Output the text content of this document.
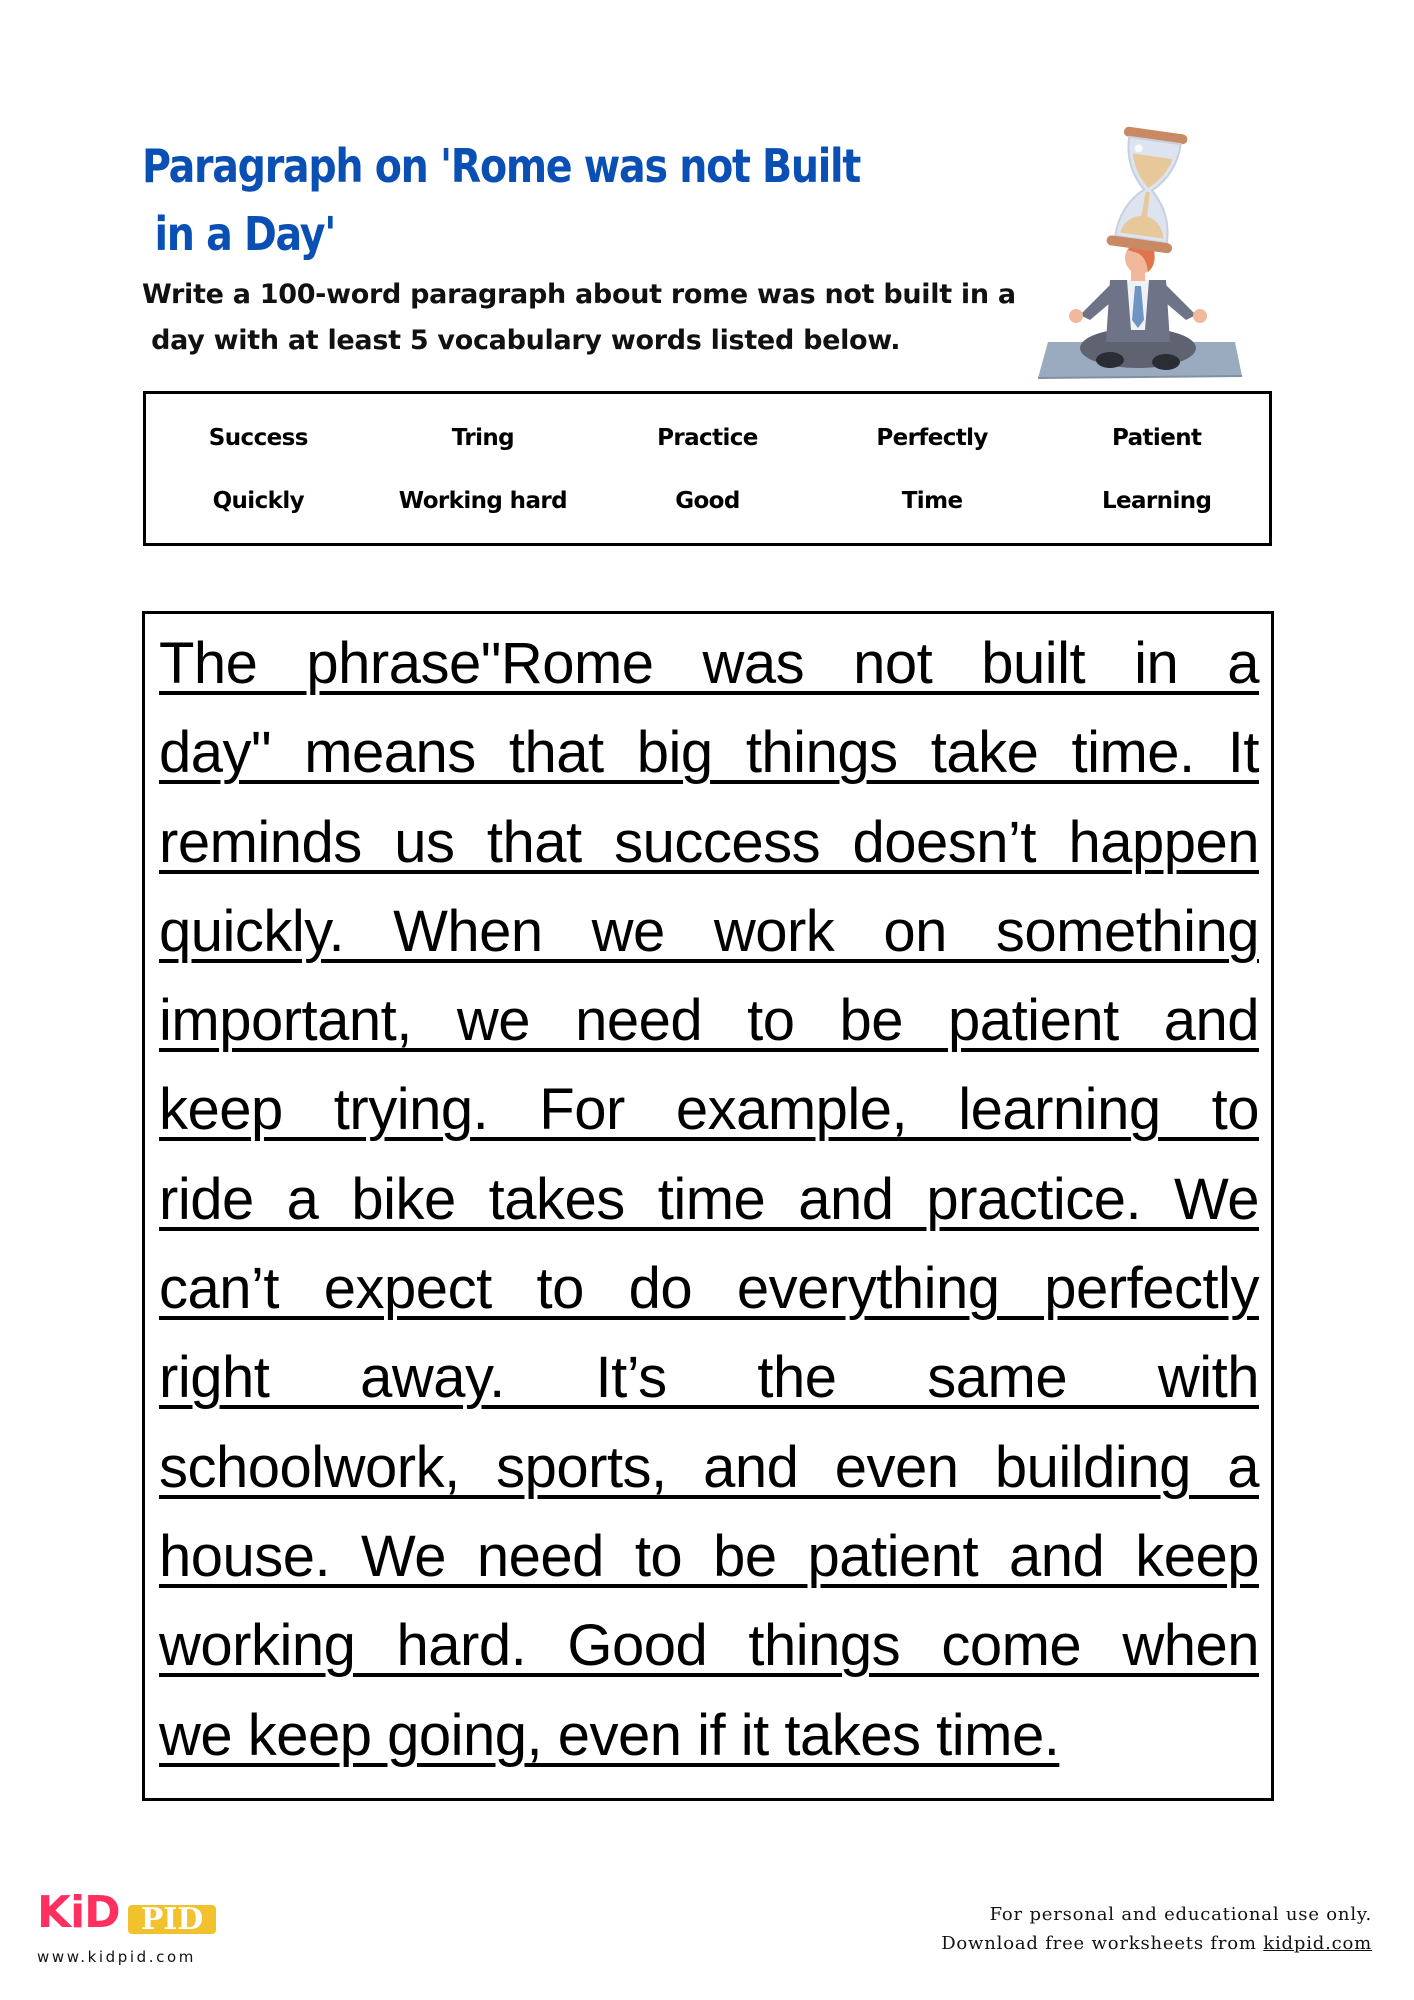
Paragraph on 'Rome was not Built
in a Day'
Write a 100-word paragraph about rome was not built in a
day with at least 5 vocabulary words listed below.
Success	Tring	Practice	Perfectly	Patient
Quickly	Working hard	Good	Time	Learning
The phrase"Rome was not built in a
day" means that big things take time. It
reminds us that success doesn’t happen
quickly. When we work on something
important, we need to be patient and
keep trying. For example, learning to
ride a bike takes time and practice. We
can’t expect to do everything perfectly
right away. It’s the same with
schoolwork, sports, and even building a
house. We need to be patient and keep
working hard. Good things come when
we keep going, even if it takes time.
KiD PID
www.kidpid.com
For personal and educational use only.
Download free worksheets from kidpid.com
